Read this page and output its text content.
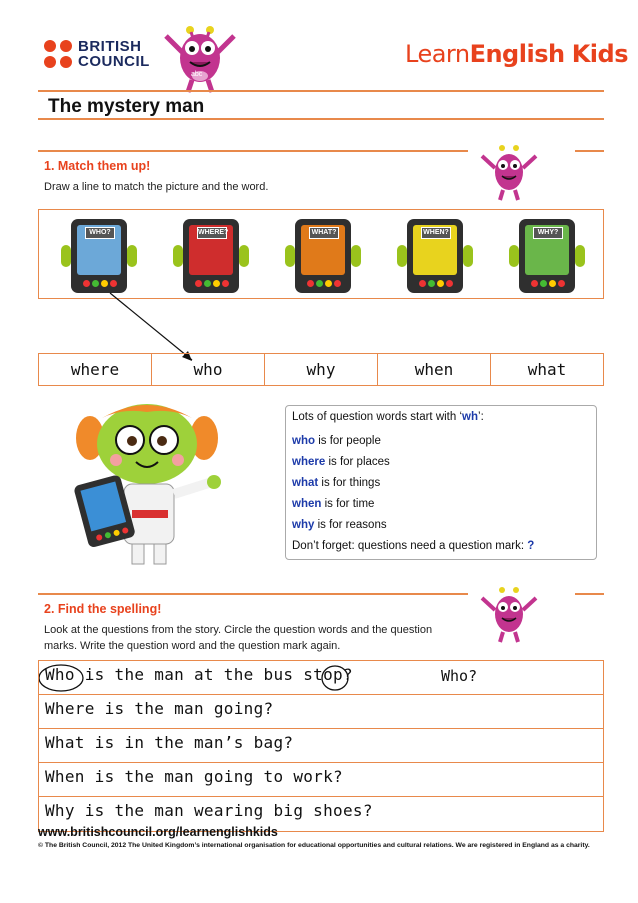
BRITISH
COUNCIL
abc
LearnEnglish Kids
The mystery man
1. Match them up!
Draw a line to match the picture and the word.
WHO?	WHERE?	WHAT?	WHEN?	WHY?
where	who	why	when	what
Lots of question words start with ‘wh’:
who is for people
where is for places
what is for things
when is for time
why is for reasons
Don’t forget: questions need a question mark: ?
2. Find the spelling!
Look at the questions from the story. Circle the question words and the question
marks. Write the question word and the question mark again.
Who is the man at the bus stop?	Who?
Where is the man going?
What is in the man’s bag?
When is the man going to work?
Why is the man wearing big shoes?
www.britishcouncil.org/learnenglishkids
© The British Council, 2012 The United Kingdom’s international organisation for educational opportunities and cultural relations. We are registered in England as a charity.
